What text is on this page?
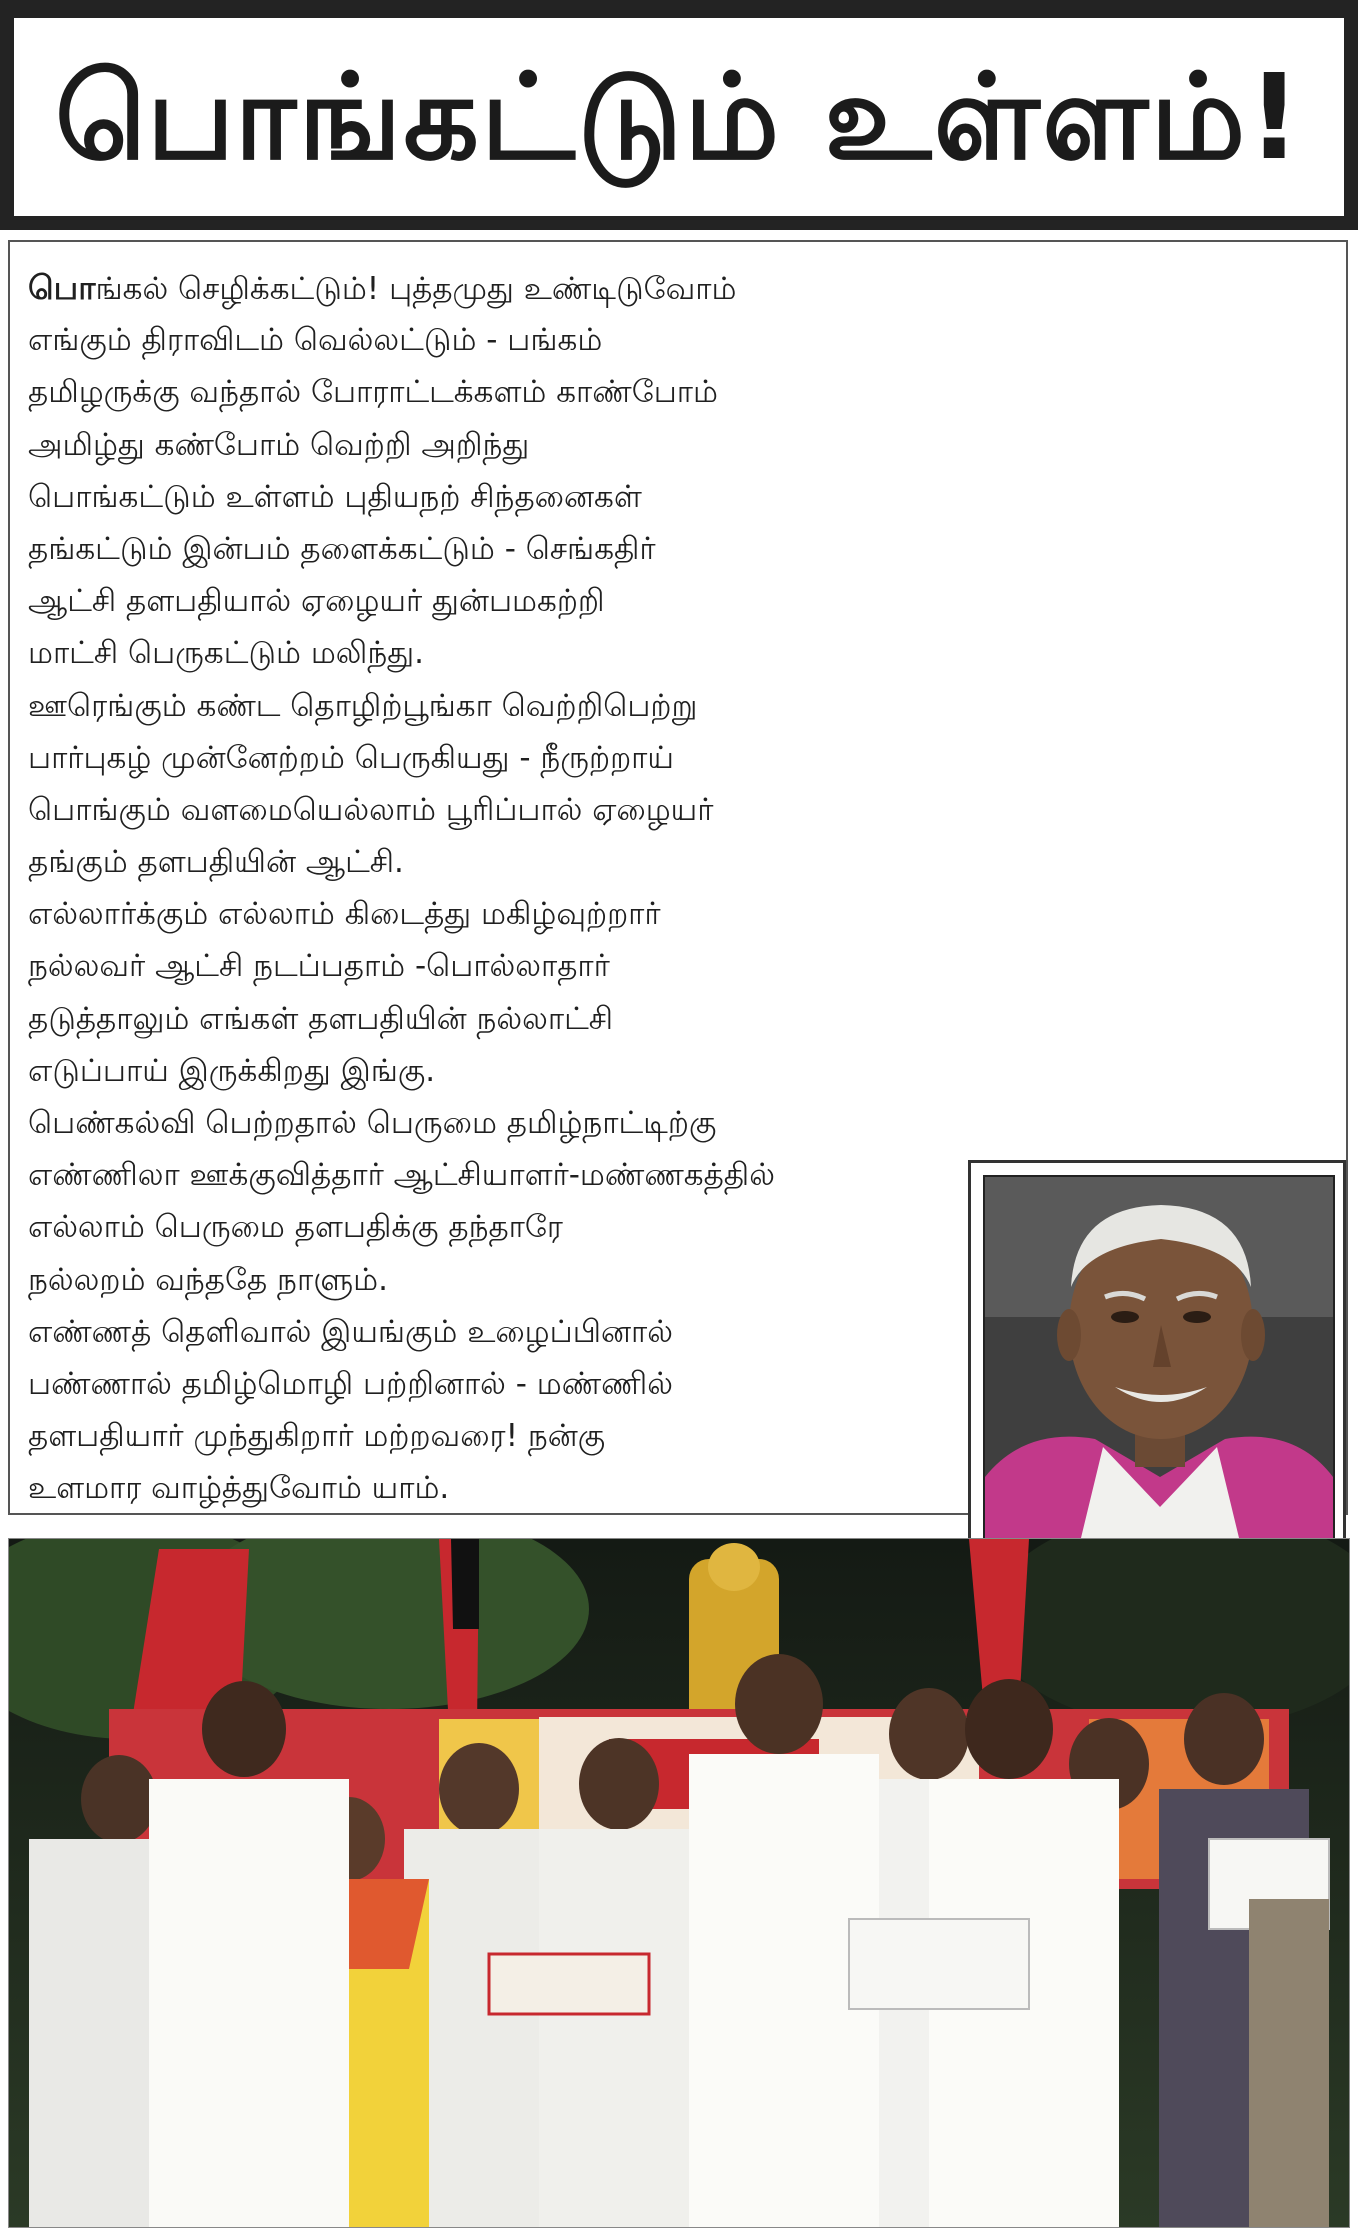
பொங்கட்டும் உள்ளம்!
பொங்கல் செழிக்கட்டும்! புத்தமுது உண்டிடுவோம்
எங்கும் திராவிடம் வெல்லட்டும் - பங்கம்
தமிழருக்கு வந்தால் போராட்டக்களம் காண்போம்
அமிழ்து கண்போம் வெற்றி அறிந்து
பொங்கட்டும் உள்ளம் புதியநற் சிந்தனைகள்
தங்கட்டும் இன்பம் தளைக்கட்டும் - செங்கதிர்
ஆட்சி தளபதியால் ஏழையர் துன்பமகற்றி
மாட்சி பெருகட்டும் மலிந்து.
ஊரெங்கும் கண்ட தொழிற்பூங்கா வெற்றிபெற்று
பார்புகழ் முன்னேற்றம் பெருகியது - நீருற்றாய்
பொங்கும் வளமையெல்லாம் பூரிப்பால் ஏழையர்
தங்கும் தளபதியின் ஆட்சி.
எல்லார்க்கும் எல்லாம் கிடைத்து மகிழ்வுற்றார்
நல்லவர் ஆட்சி நடப்பதாம் -பொல்லாதார்
தடுத்தாலும் எங்கள் தளபதியின் நல்லாட்சி
எடுப்பாய் இருக்கிறது இங்கு.
பெண்கல்வி பெற்றதால் பெருமை தமிழ்நாட்டிற்கு
எண்ணிலா ஊக்குவித்தார் ஆட்சியாளர்-மண்ணகத்தில்
எல்லாம் பெருமை தளபதிக்கு தந்தாரே
நல்லறம் வந்ததே நாளும்.
எண்ணத் தெளிவால் இயங்கும் உழைப்பினால்
பண்ணால் தமிழ்மொழி பற்றினால் - மண்ணில்
தளபதியார் முந்துகிறார் மற்றவரை! நன்கு
உளமார வாழ்த்துவோம் யாம்.
